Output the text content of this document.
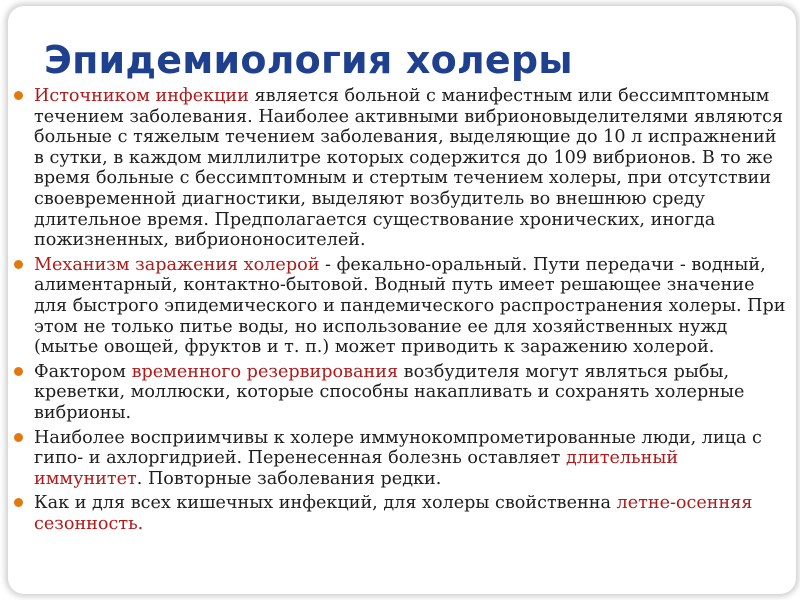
Эпидемиология холеры
Источником инфекции является больной с манифестным или бессимптомным течением заболевания. Наиболее активными вибрионовыделителями являются больные с тяжелым течением заболевания, выделяющие до 10 л испражнений в сутки, в каждом миллилитре которых содержится до 109 вибрионов. В то же время больные с бессимптомным и стертым течением холеры, при отсутствии своевременной диагностики, выделяют возбудитель во внешнюю среду длительное время. Предполагается существование хронических, иногда пожизненных, вибриононосителей.
Механизм заражения холерой - фекально-оральный. Пути передачи - водный, алиментарный, контактно-бытовой. Водный путь имеет решающее значение для быстрого эпидемического и пандемического распространения холеры. При этом не только питье воды, но использование ее для хозяйственных нужд (мытье овощей, фруктов и т. п.) может приводить к заражению холерой.
Фактором временного резервирования возбудителя могут являться рыбы, креветки, моллюски, которые способны накапливать и сохранять холерные вибрионы.
Наиболее восприимчивы к холере иммунокомпрометированные люди, лица с гипо- и ахлоргидрией. Перенесенная болезнь оставляет длительный иммунитет. Повторные заболевания редки.
Как и для всех кишечных инфекций, для холеры свойственна летне-осенняя сезонность.
